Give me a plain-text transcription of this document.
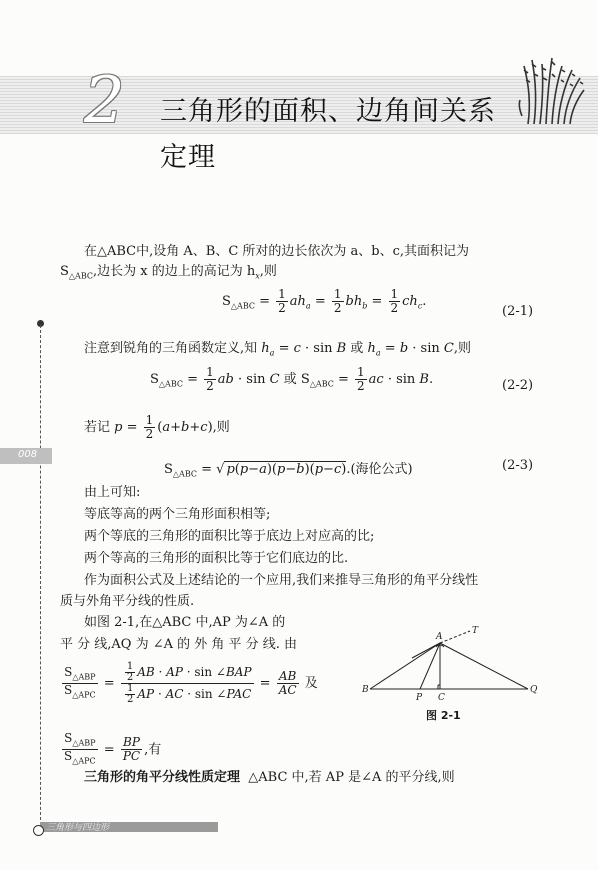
2 三角形的面积、边角间关系
定理
008
在△ABC中,设角 A、B、C 所对的边长依次为 a、b、c,其面积记为
$S_{\triangle ABC}$,边长为 x 的边上的高记为 $h_x$,则
$S_{\triangle ABC} = \frac{1}{2} ah_a = \frac{1}{2} bh_b = \frac{1}{2} ch_c$.
(2-1)
注意到锐角的三角函数定义,知 $h_a = c \cdot \sin B$ 或 $h_a = b \cdot \sin C$,则
$S_{\triangle ABC} = \frac{1}{2}$ ab · sin C 或 $S_{\triangle ABC} = \frac{1}{2}$ ac · sin B.	(2-2)
若记 $p = \frac{1}{2} (a+b+c)$,则
$S_{\triangle ABC}$ = √ p(p−a)(p−b)(p−c).(海伦公式)	(2-3)
由上可知:
等底等高的两个三角形面积相等;
两个等底的三角形的面积比等于底边上对应高的比;
两个等高的三角形的面积比等于它们底边的比.
作为面积公式及上述结论的一个应用,我们来推导三角形的角平分线性
质与外角平分线的性质.
如图 2-1,在△ABC 中,AP 为∠A 的
平 分 线,AQ 为 ∠A 的 外 角 平 分 线. 由
$\frac{S_{\triangle ABP}}{S_{\triangle APC}} = \frac{\frac{1}{2} AB \cdot AP \cdot \sin \angle BAP}{\frac{1}{2} AP \cdot AC \cdot \sin \angle PAC} = \frac{AB}{AC}$ 及
$\frac{S_{\triangle ABP}}{S_{\triangle APC}} = \frac{BP}{PC}$ ,有
三角形的角平分线性质定理 △ABC 中,若 AP 是∠A 的平分线,则
A
T
B
P C
Q
图 2-1
三角形与四边形
